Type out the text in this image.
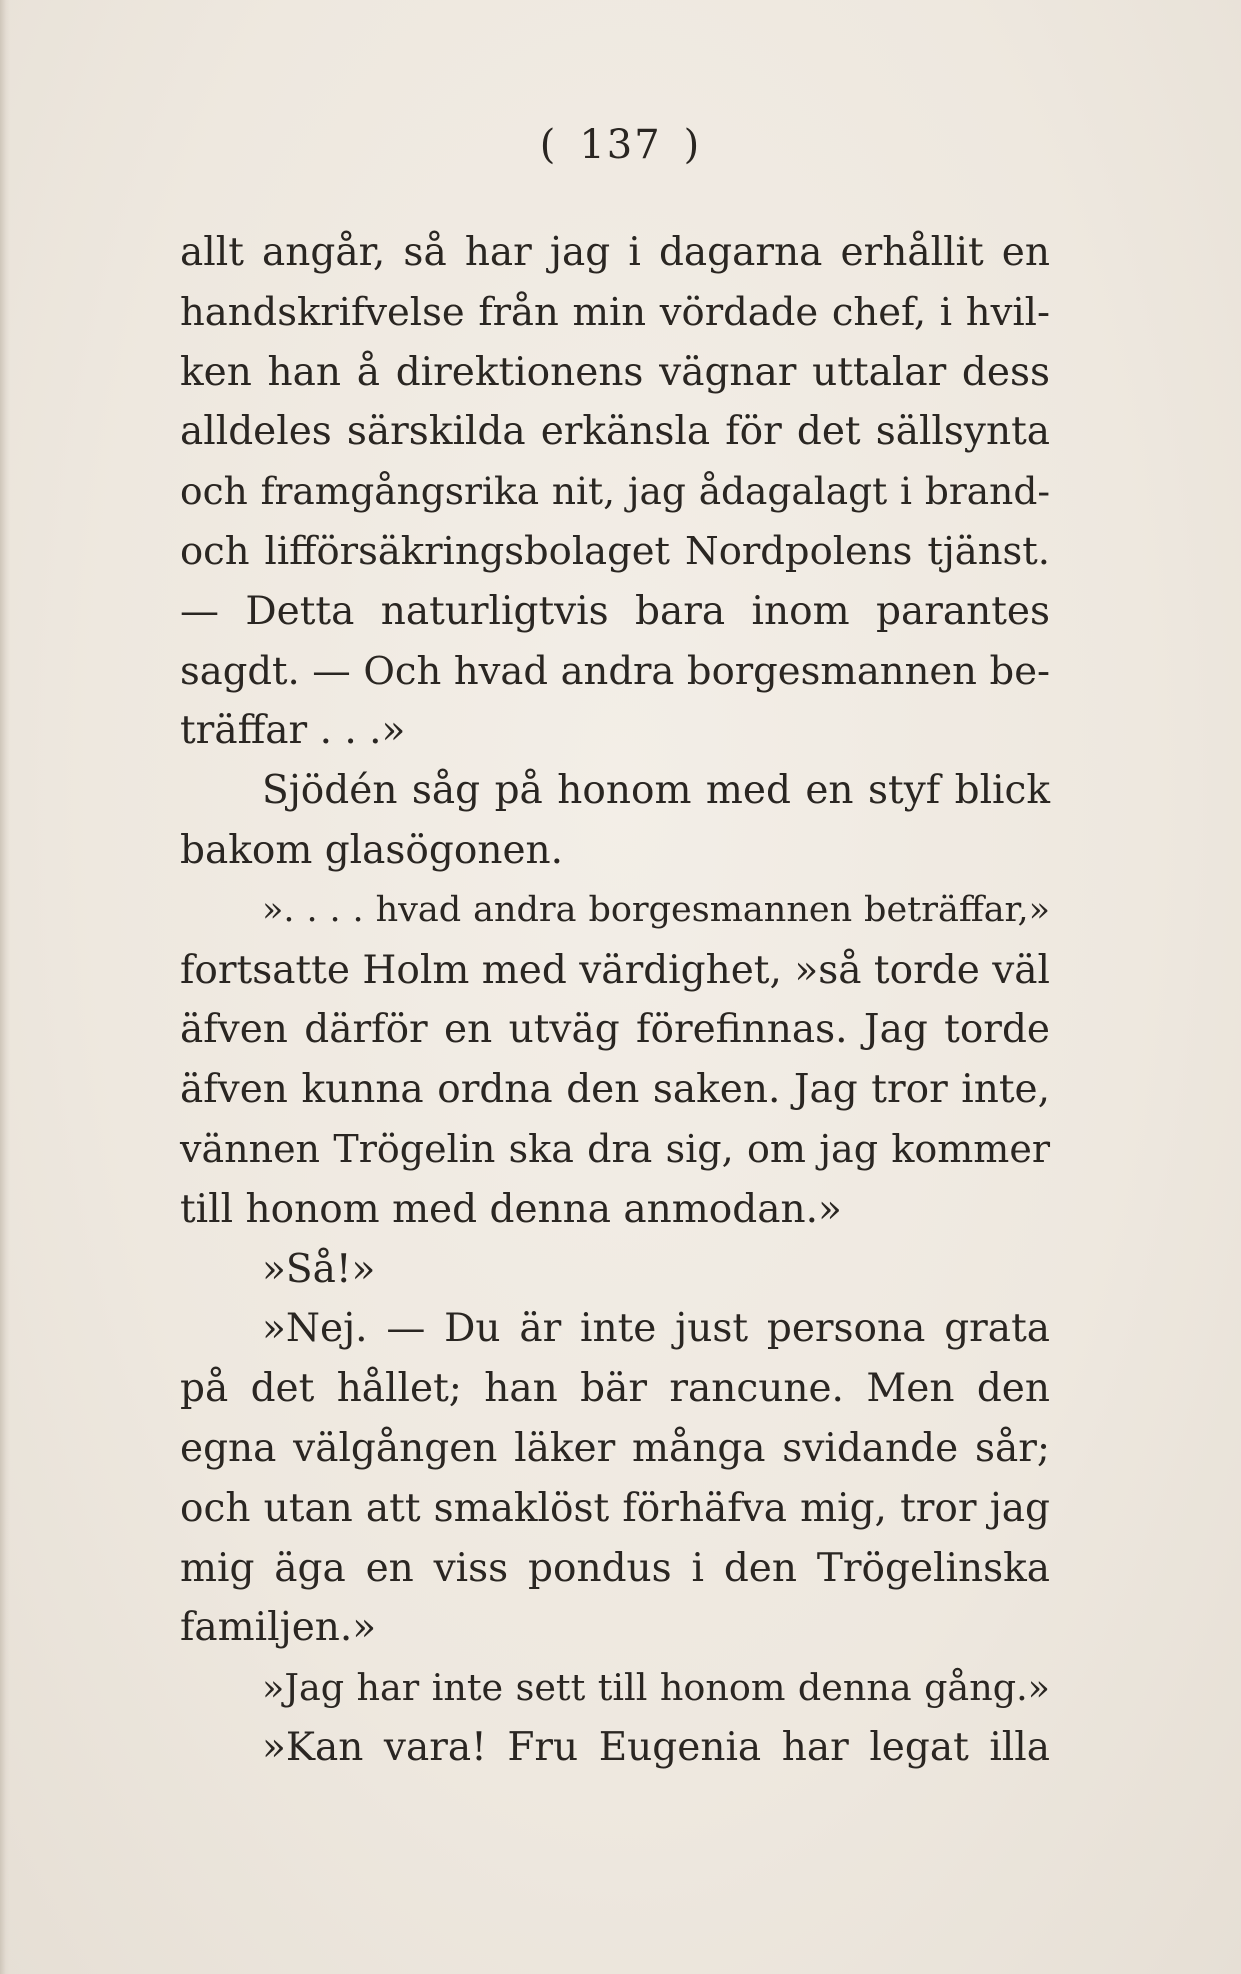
( 137 )
allt angår, så har jag i dagarna erhållit en
handskrifvelse från min vördade chef, i hvil-
ken han å direktionens vägnar uttalar dess
alldeles särskilda erkänsla för det sällsynta
och framgångsrika nit, jag ådagalagt i brand-
och lifförsäkringsbolaget Nordpolens tjänst.
— Detta naturligtvis bara inom parantes
sagdt. — Och hvad andra borgesmannen be-
träffar . . .»
Sjödén såg på honom med en styf blick
bakom glasögonen.
». . . . hvad andra borgesmannen beträffar,»
fortsatte Holm med värdighet, »så torde väl
äfven därför en utväg förefinnas. Jag torde
äfven kunna ordna den saken. Jag tror inte,
vännen Trögelin ska dra sig, om jag kommer
till honom med denna anmodan.»
»Så!»
»Nej. — Du är inte just persona grata
på det hållet; han bär rancune. Men den
egna välgången läker många svidande sår;
och utan att smaklöst förhäfva mig, tror jag
mig äga en viss pondus i den Trögelinska
familjen.»
»Jag har inte sett till honom denna gång.»
»Kan vara! Fru Eugenia har legat illa
